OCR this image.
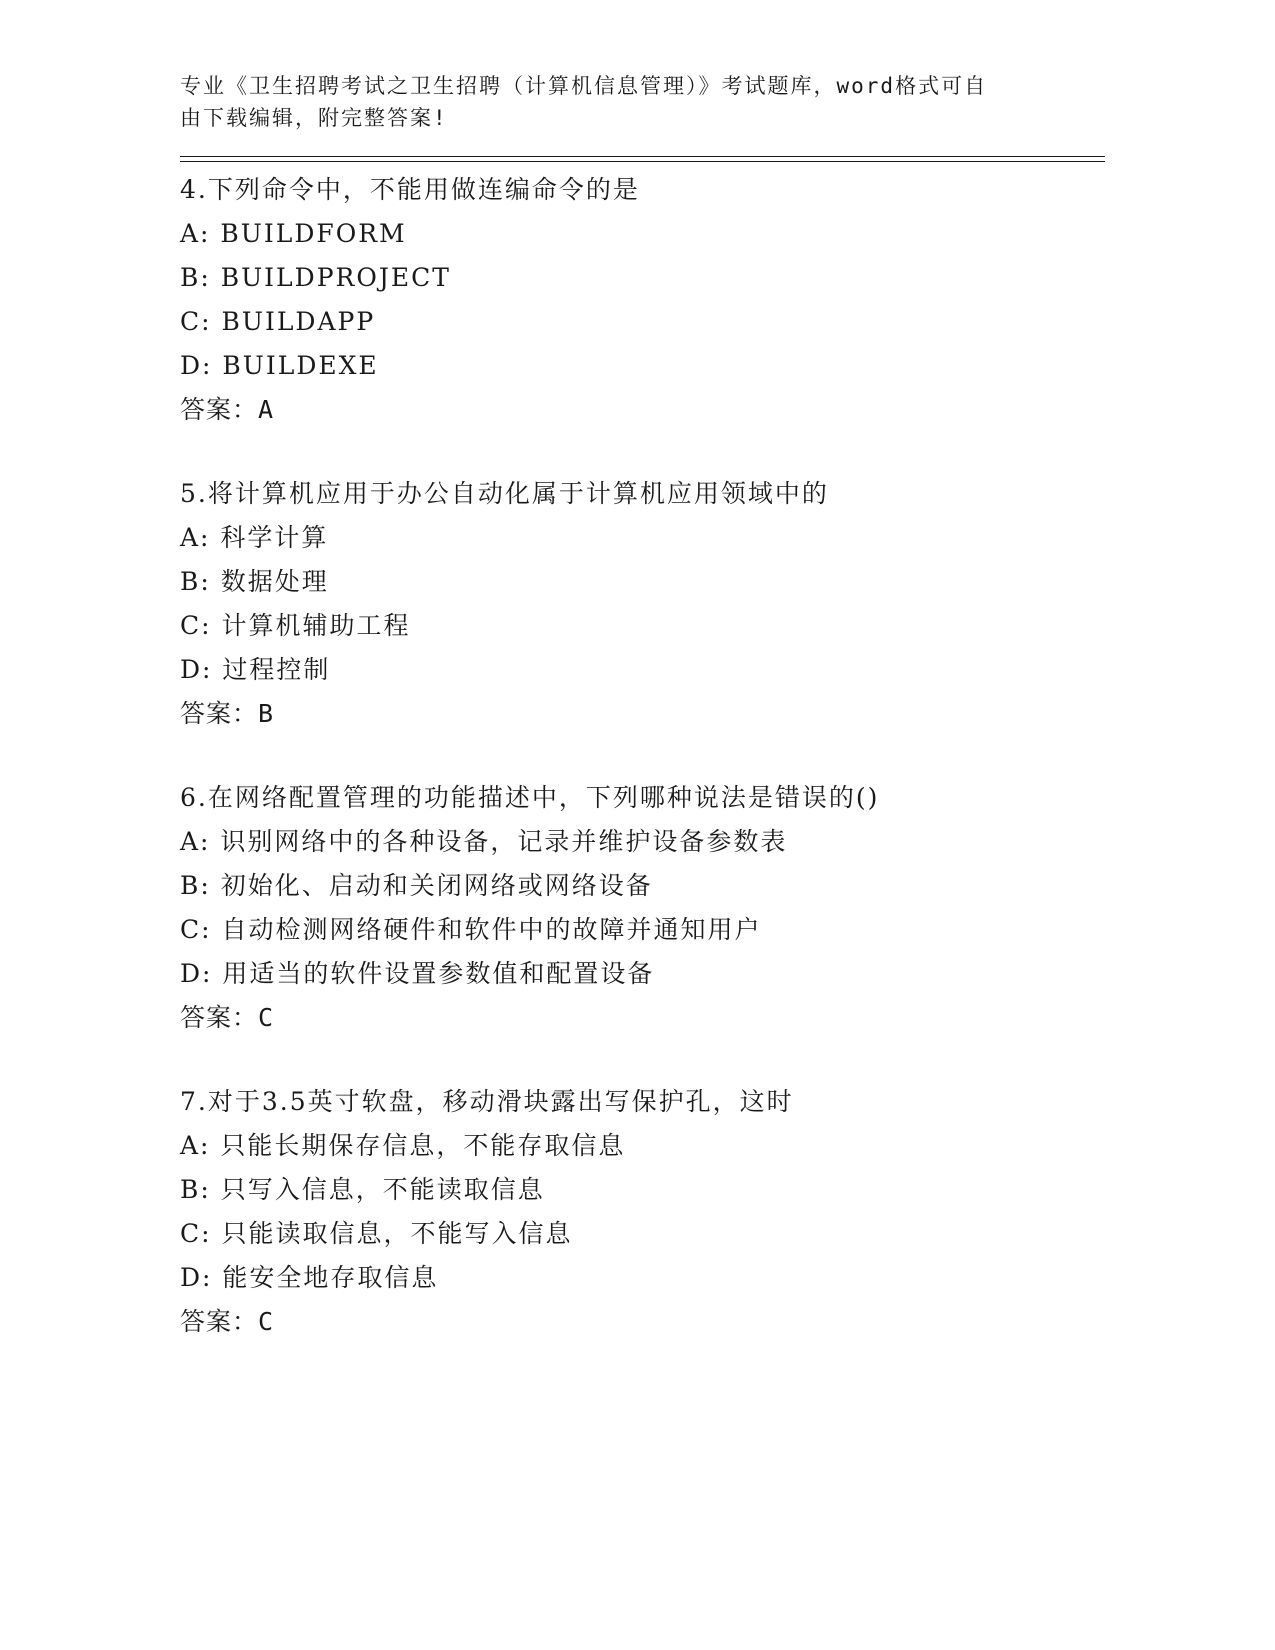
专业《卫生招聘考试之卫生招聘（计算机信息管理）》考试题库，word格式可自
由下载编辑，附完整答案!
4.下列命令中，不能用做连编命令的是
A: BUILDFORM
B: BUILDPROJECT
C: BUILDAPP
D: BUILDEXE
答案：A
5.将计算机应用于办公自动化属于计算机应用领域中的
A: 科学计算
B: 数据处理
C: 计算机辅助工程
D: 过程控制
答案：B
6.在网络配置管理的功能描述中，下列哪种说法是错误的()
A: 识别网络中的各种设备，记录并维护设备参数表
B: 初始化、启动和关闭网络或网络设备
C: 自动检测网络硬件和软件中的故障并通知用户
D: 用适当的软件设置参数值和配置设备
答案：C
7.对于3.5英寸软盘，移动滑块露出写保护孔，这时
A: 只能长期保存信息，不能存取信息
B: 只写入信息，不能读取信息
C: 只能读取信息，不能写入信息
D: 能安全地存取信息
答案：C
